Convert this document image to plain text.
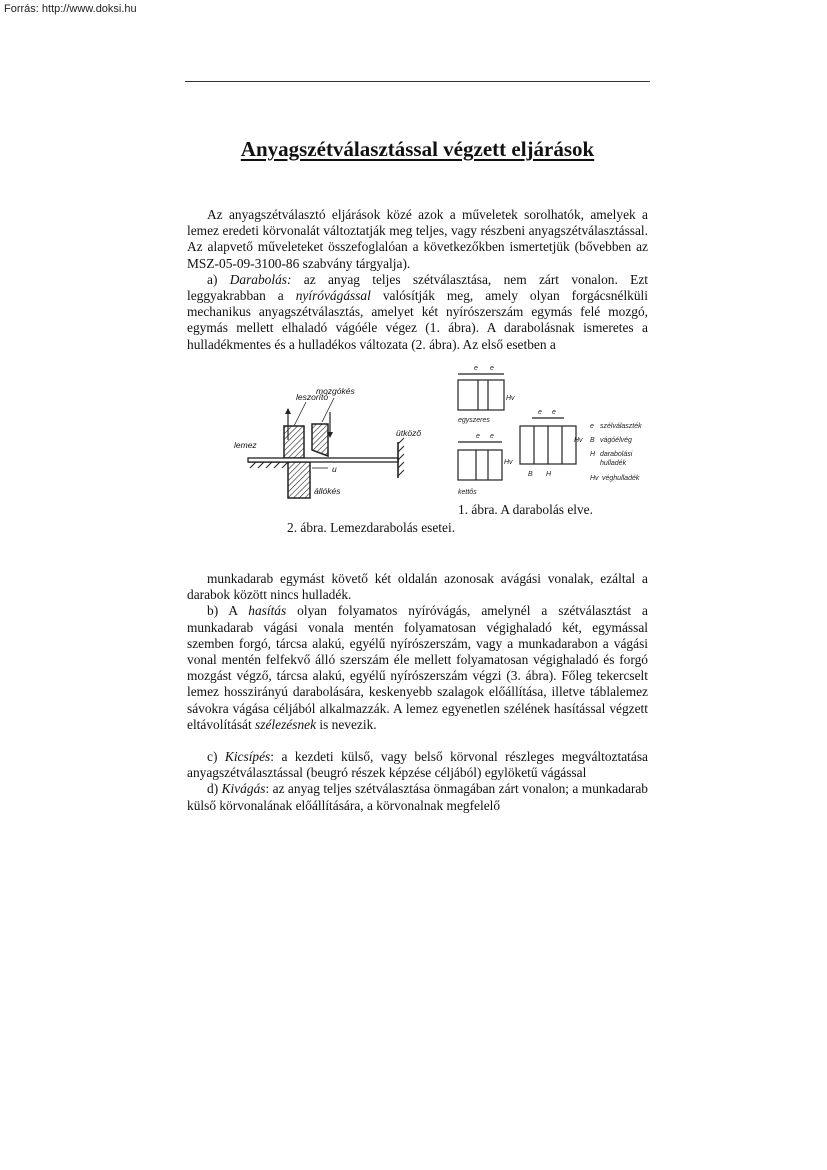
Forrás: http://www.doksi.hu
Anyagszétválasztással végzett eljárások

Az anyagszétválasztó eljárások közé azok a műveletek sorolhatók, amelyek a lemez eredeti körvonalát változtatják meg teljes, vagy részbeni anyagszétválasztással. Az alapvető műveleteket összefoglalóan a következőkben ismertetjük (bővebben az MSZ-05-09-3100-86 szabvány tárgyalja).

a) Darabolás: az anyag teljes szétválasztása, nem zárt vonalon. Ezt leggyakrabban a nyíróvágással valósítják meg, amely olyan forgácsnélküli mechanikus anyagszétválasztás, amelyet két nyírószerszám egymás felé mozgó, egymás mellett elhaladó vágóéle végez (1. ábra). A darabolásnak ismeretes a hulladékmentes és a hulladékos változata (2. ábra). Az első esetben a

leszorító
mozgókés
ütköző
lemez
u
állókés
e e
Hv
egyszeres
e e
Hv
kettős
e e
B H
Hv
e szélválaszték
B vágóélvég
H darabolási
hulladék
Hv véghulladék
1. ábra. A darabolás elve.
2. ábra. Lemezdarabolás esetei.

munkadarab egymást követő két oldalán azonosak avágási vonalak, ezáltal a darabok között nincs hulladék.

b) A hasítás olyan folyamatos nyíróvágás, amelynél a szétválasztást a munkadarab vágási vonala mentén folyamatosan végighaladó két, egymással szemben forgó, tárcsa alakú, egyélű nyírószerszám, vagy a munkadarabon a vágási vonal mentén felfekvő álló szerszám éle mellett folyamatosan végighaladó és forgó mozgást végző, tárcsa alakú, egyélű nyírószerszám végzi (3. ábra). Főleg tekercselt lemez hosszirányú darabolására, keskenyebb szalagok előállítása, illetve táblalemez sávokra vágása céljából alkalmazzák. A lemez egyenetlen szélének hasítással végzett eltávolítását szélezésnek is nevezik.

c) Kicsípés: a kezdeti külső, vagy belső körvonal részleges megváltoztatása anyagszétválasztással (beugró részek képzése céljából) egylöketű vágással

d) Kivágás: az anyag teljes szétválasztása önmagában zárt vonalon; a munkadarab külső körvonalának előállítására, a körvonalnak megfelelő
